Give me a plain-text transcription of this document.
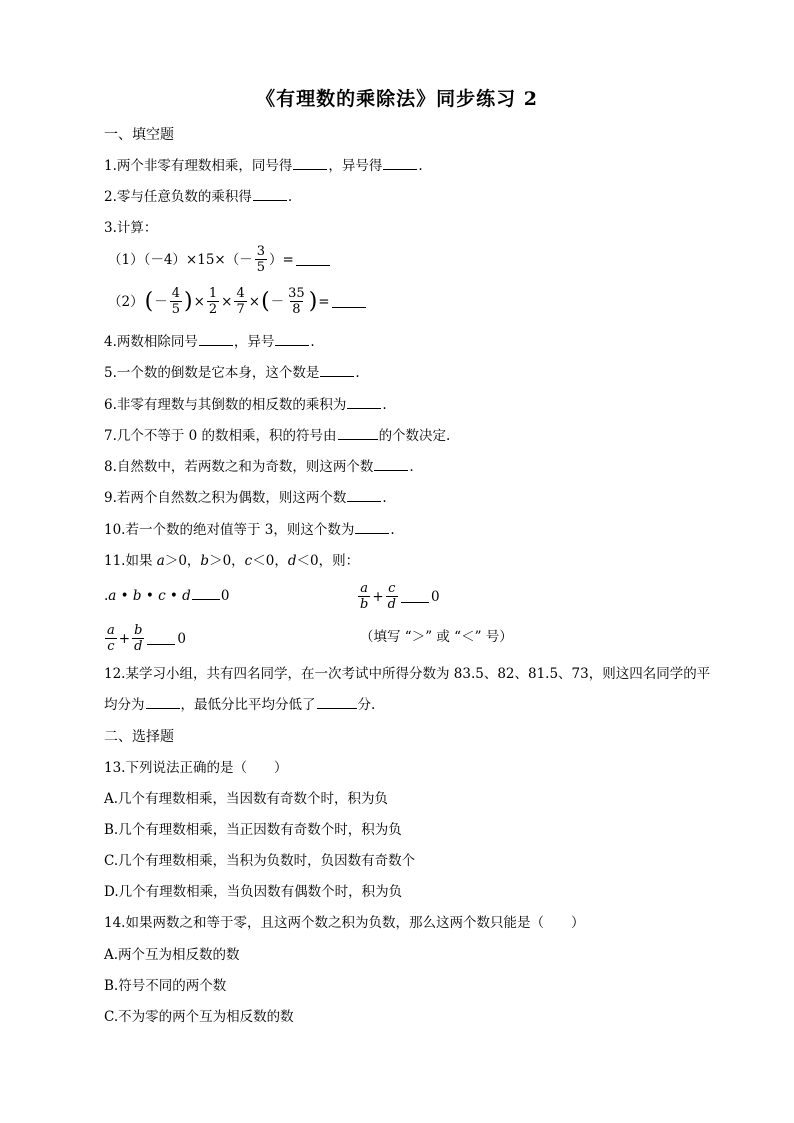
《有理数的乘除法》同步练习 2
一、填空题
1.两个非零有理数相乘，同号得	，异号得	.
2.零与任意负数的乘积得	.
3.计算：
$(1)(-4)\times 15\times(- \frac{3}{5}$ ）=
（2） ( － $\frac{4}{5}$ ) × $\frac{1}{2} \times \frac{4}{7}$ × ( － $\frac{35}{8}$ ) =
4.两数相除同号	，异号	.
5.一个数的倒数是它本身，这个数是	.
6.非零有理数与其倒数的相反数的乘积为	.
7.几个不等于 0 的数相乘，积的符号由	的个数决定.
8.自然数中，若两数之和为奇数，则这两个数	.
9.若两个自然数之积为偶数，则这两个数	.
10.若一个数的绝对值等于 3，则这个数为	.
11.如果 a＞0，b＞0，c＜0，d＜0，则：
.a • b • c • d 0	$\frac{a}{b} + \frac{c}{d} 0$
$\frac{a}{c} + \frac{b}{d} 0$	（填写 “＞” 或 “＜” 号）
12.某学习小组，共有四名同学，在一次考试中所得分数为 83.5、82、81.5、73，则这四名同学的平
均分为	，最低分比平均分低了	分.
二、选择题
13.下列说法正确的是（　　）
A.几个有理数相乘，当因数有奇数个时，积为负
B.几个有理数相乘，当正因数有奇数个时，积为负
C.几个有理数相乘，当积为负数时，负因数有奇数个
D.几个有理数相乘，当负因数有偶数个时，积为负
14.如果两数之和等于零，且这两个数之积为负数，那么这两个数只能是（　　）
A.两个互为相反数的数
B.符号不同的两个数
C.不为零的两个互为相反数的数
